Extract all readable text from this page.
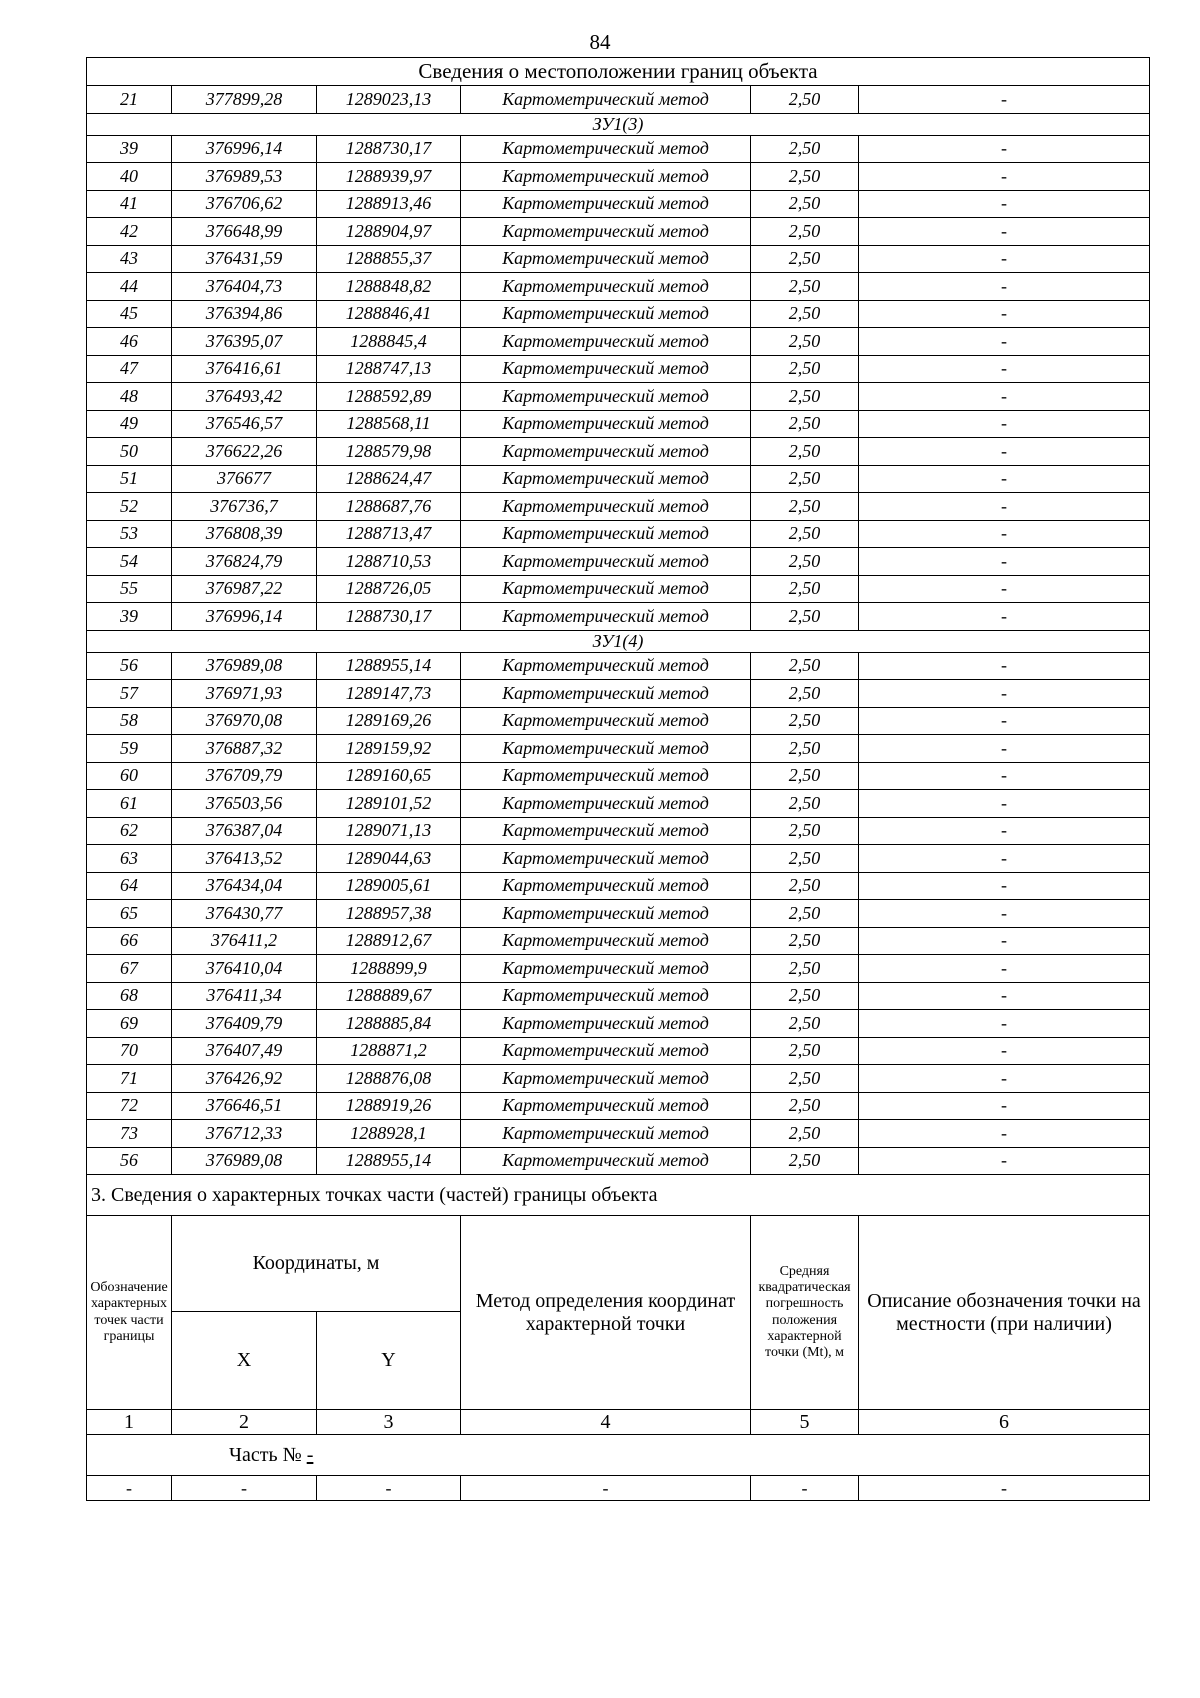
84
Сведения о местоположении границ объекта					
21	377899,28	1289023,13	Картометрический метод	2,50	-
ЗУ1(3)					
39	376996,14	1288730,17	Картометрический метод	2,50	-
40	376989,53	1288939,97	Картометрический метод	2,50	-
41	376706,62	1288913,46	Картометрический метод	2,50	-
42	376648,99	1288904,97	Картометрический метод	2,50	-
43	376431,59	1288855,37	Картометрический метод	2,50	-
44	376404,73	1288848,82	Картометрический метод	2,50	-
45	376394,86	1288846,41	Картометрический метод	2,50	-
46	376395,07	1288845,4	Картометрический метод	2,50	-
47	376416,61	1288747,13	Картометрический метод	2,50	-
48	376493,42	1288592,89	Картометрический метод	2,50	-
49	376546,57	1288568,11	Картометрический метод	2,50	-
50	376622,26	1288579,98	Картометрический метод	2,50	-
51	376677	1288624,47	Картометрический метод	2,50	-
52	376736,7	1288687,76	Картометрический метод	2,50	-
53	376808,39	1288713,47	Картометрический метод	2,50	-
54	376824,79	1288710,53	Картометрический метод	2,50	-
55	376987,22	1288726,05	Картометрический метод	2,50	-
39	376996,14	1288730,17	Картометрический метод	2,50	-
ЗУ1(4)					
56	376989,08	1288955,14	Картометрический метод	2,50	-
57	376971,93	1289147,73	Картометрический метод	2,50	-
58	376970,08	1289169,26	Картометрический метод	2,50	-
59	376887,32	1289159,92	Картометрический метод	2,50	-
60	376709,79	1289160,65	Картометрический метод	2,50	-
61	376503,56	1289101,52	Картометрический метод	2,50	-
62	376387,04	1289071,13	Картометрический метод	2,50	-
63	376413,52	1289044,63	Картометрический метод	2,50	-
64	376434,04	1289005,61	Картометрический метод	2,50	-
65	376430,77	1288957,38	Картометрический метод	2,50	-
66	376411,2	1288912,67	Картометрический метод	2,50	-
67	376410,04	1288899,9	Картометрический метод	2,50	-
68	376411,34	1288889,67	Картометрический метод	2,50	-
69	376409,79	1288885,84	Картометрический метод	2,50	-
70	376407,49	1288871,2	Картометрический метод	2,50	-
71	376426,92	1288876,08	Картометрический метод	2,50	-
72	376646,51	1288919,26	Картометрический метод	2,50	-
73	376712,33	1288928,1	Картометрический метод	2,50	-
56	376989,08	1288955,14	Картометрический метод	2,50	-
3. Сведения о характерных точках части (частей) границы объекта					
Обозначение характерных точек части границы	Координаты, м		Метод определения координат характерной точки	Средняя квадратическая погрешность положения характерной точки (Mt), м	Описание обозначения точки на местности (при наличии)
	X	Y			
1	2	3	4	5	6
Часть № -					
-	-	-	-	-	-
